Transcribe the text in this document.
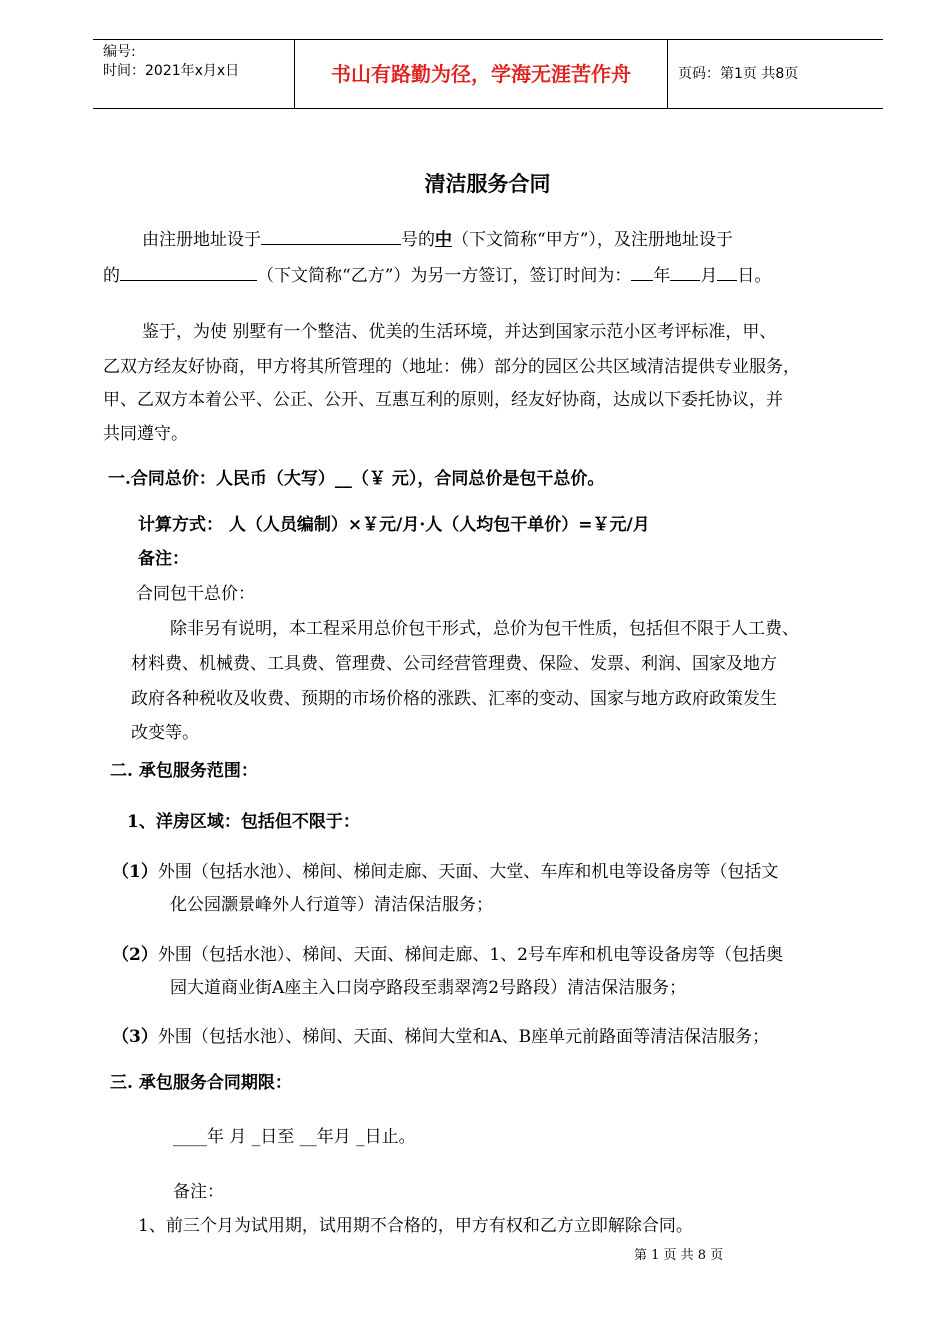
编号:
时间：2021年x月x日	书山有路勤为径，学海无涯苦作舟	页码：第1页 共8页
清洁服务合同
由注册地址设于	号的中（下文简称“甲方”），及注册地址设于
的	（下文简称“乙方”）为另一方签订，签订时间为： 年 月 日。
鉴于，为使 别墅有一个整洁、优美的生活环境，并达到国家示范小区考评标准，甲、
乙双方经友好协商，甲方将其所管理的（地址：佛）部分的园区公共区域清洁提供专业服务，
甲、乙双方本着公平、公正、公开、互惠互利的原则，经友好协商，达成以下委托协议，并
共同遵守。
一.合同总价：人民币（大写）__（￥ 元），合同总价是包干总价。
计算方式： 人（人员编制）×￥元/月·人（人均包干单价）=￥元/月
备注：
合同包干总价：
除非另有说明，本工程采用总价包干形式，总价为包干性质，包括但不限于人工费、
材料费、机械费、工具费、管理费、公司经营管理费、保险、发票、利润、国家及地方
政府各种税收及收费、预期的市场价格的涨跌、汇率的变动、国家与地方政府政策发生
改变等。
二. 承包服务范围：
1、洋房区域：包括但不限于：
（1）外围（包括水池）、梯间、梯间走廊、天面、大堂、车库和机电等设备房等（包括文
化公园灏景峰外人行道等）清洁保洁服务；
（2）外围（包括水池）、梯间、天面、梯间走廊、1、2号车库和机电等设备房等（包括奥
园大道商业街A座主入口岗亭路段至翡翠湾2号路段）清洁保洁服务；
（3）外围（包括水池）、梯间、天面、梯间大堂和A、B座单元前路面等清洁保洁服务；
三. 承包服务合同期限：
____年 月 _日至 __年月 _日止。
备注：
1、前三个月为试用期，试用期不合格的，甲方有权和乙方立即解除合同。
第 1 页 共 8 页
